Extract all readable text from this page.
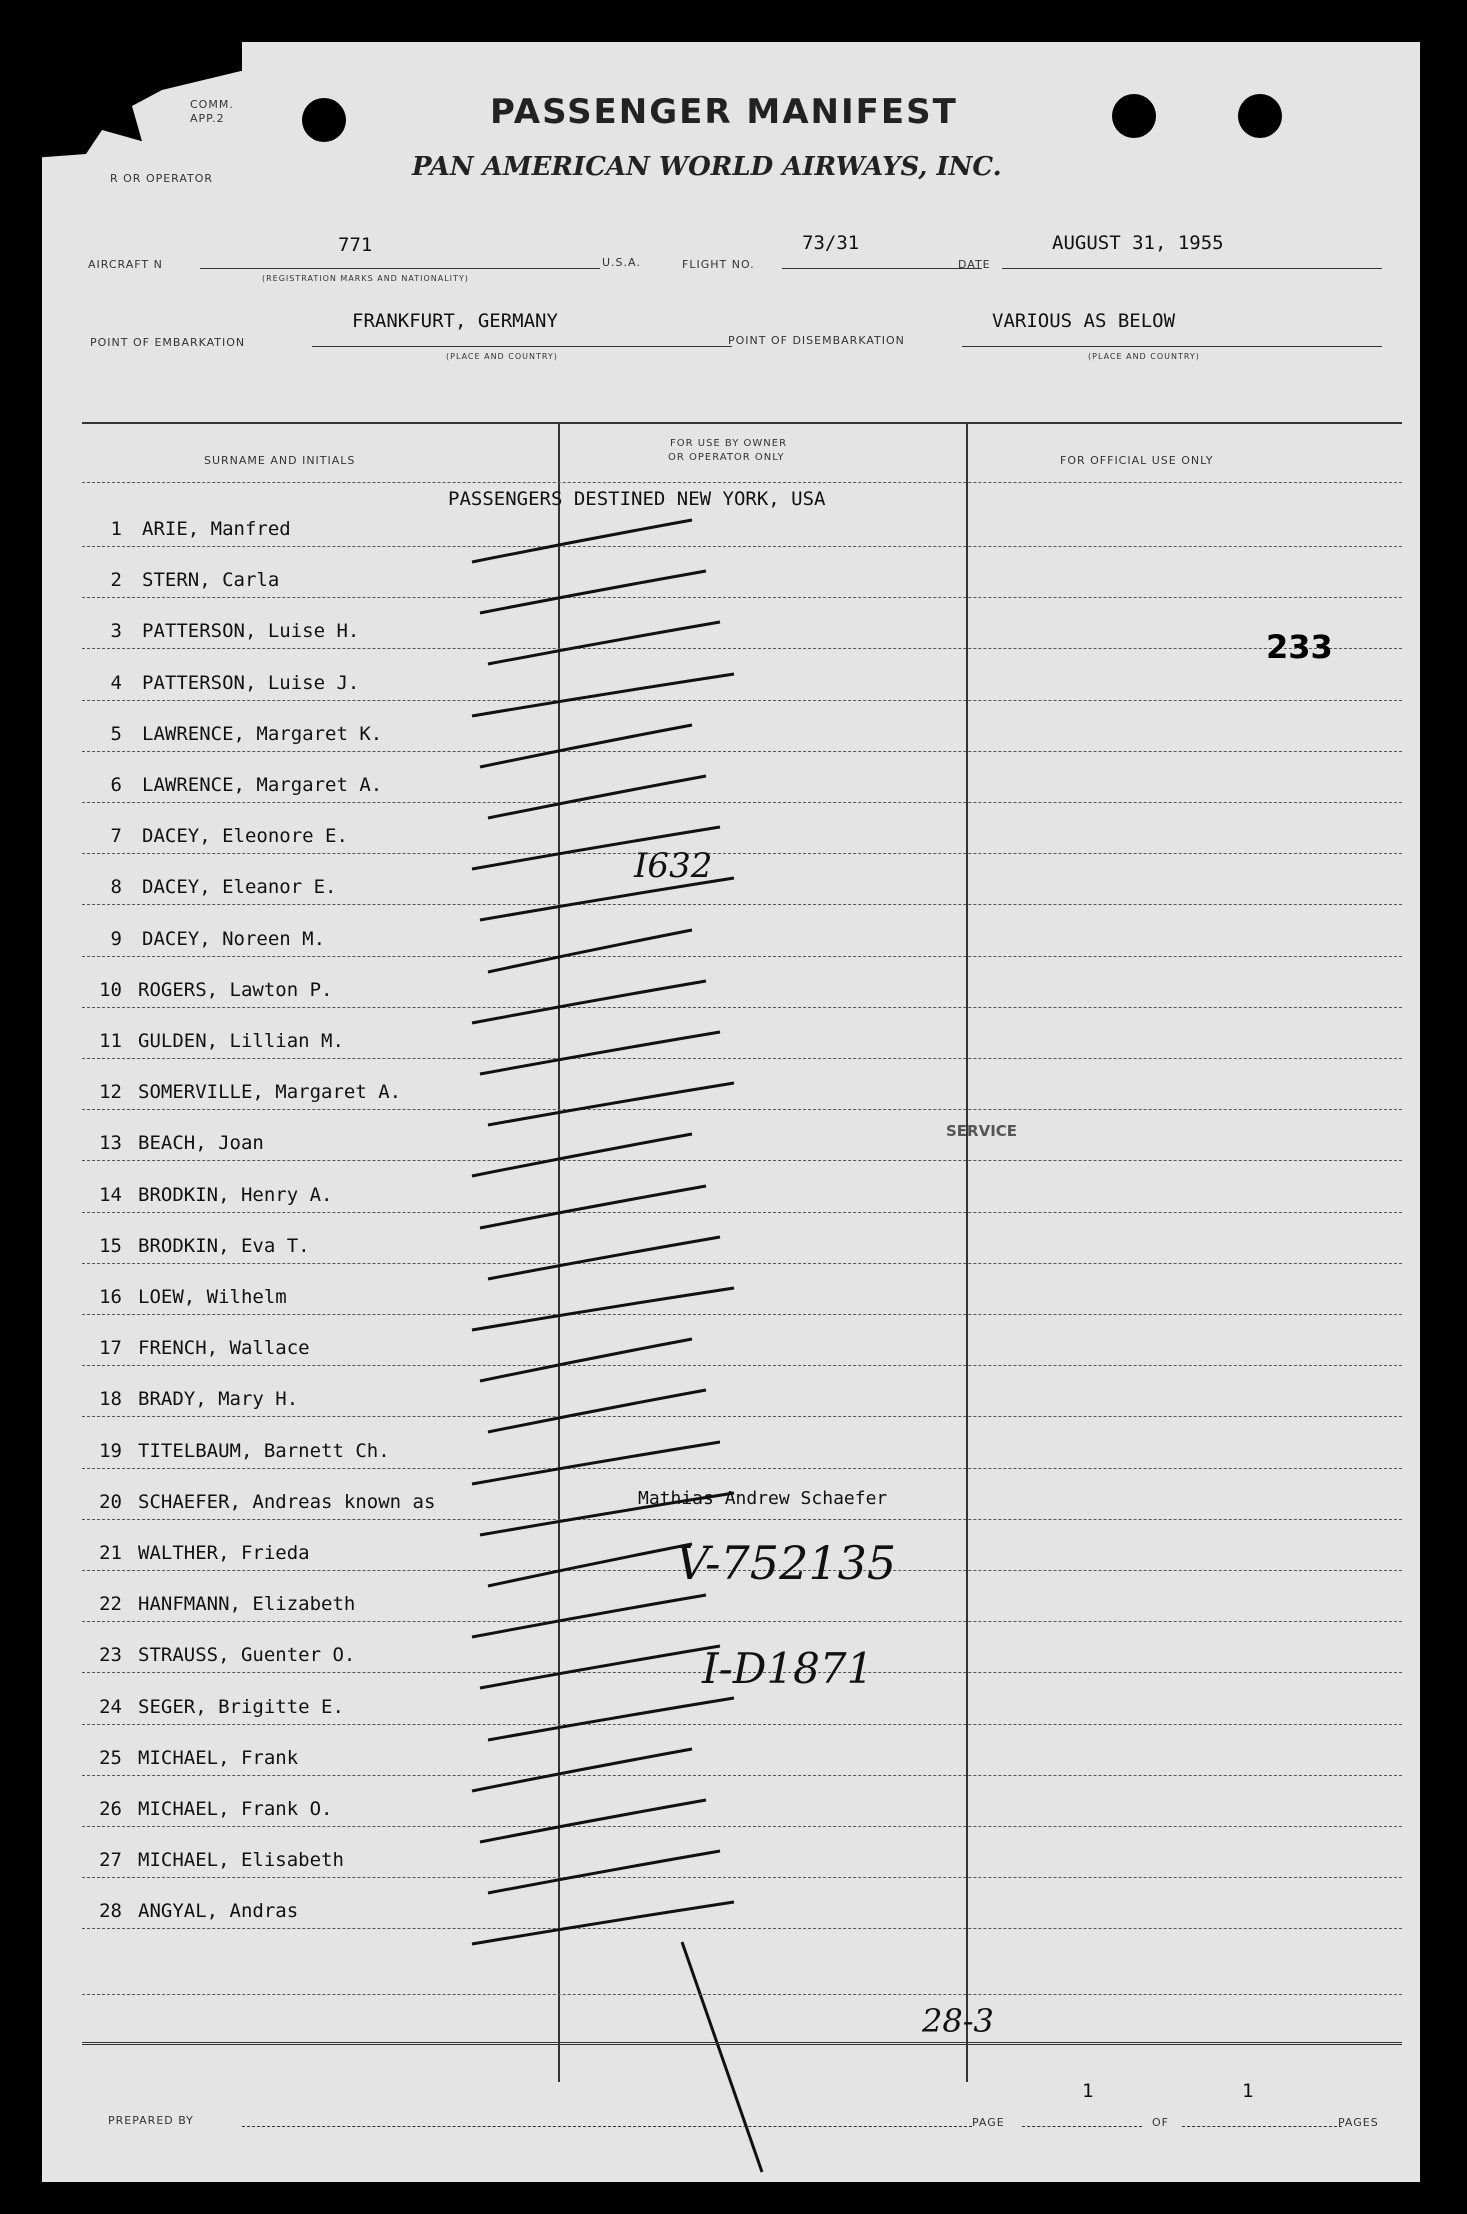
COMM.
APP.2
R OR OPERATOR
PASSENGER MANIFEST
PAN AMERICAN WORLD AIRWAYS, INC.
AIRCRAFT N
771
(REGISTRATION MARKS AND NATIONALITY)
U.S.A.	FLIGHT NO.
73/31
DATE
AUGUST 31, 1955
POINT OF EMBARKATION
FRANKFURT, GERMANY
(PLACE AND COUNTRY)
POINT OF DISEMBARKATION
VARIOUS AS BELOW
(PLACE AND COUNTRY)
SURNAME AND INITIALS
FOR USE BY OWNER
OR OPERATOR ONLY	FOR OFFICIAL USE ONLY
PASSENGERS DESTINED NEW YORK, USA
1 ARIE, Manfred
2 STERN, Carla
3 PATTERSON, Luise H.
4 PATTERSON, Luise J.
5 LAWRENCE, Margaret K.
6 LAWRENCE, Margaret A.
7 DACEY, Eleonore E.
8 DACEY, Eleanor E.
9 DACEY, Noreen M.
10 ROGERS, Lawton P.
11 GULDEN, Lillian M.
12 SOMERVILLE, Margaret A.
13 BEACH, Joan
14 BRODKIN, Henry A.
15 BRODKIN, Eva T.
16 LOEW, Wilhelm
17 FRENCH, Wallace
18 BRADY, Mary H.
19 TITELBAUM, Barnett Ch.
20 SCHAEFER, Andreas known as
21 WALTHER, Frieda
22 HANFMANN, Elizabeth
23 STRAUSS, Guenter O.
24 SEGER, Brigitte E.
25 MICHAEL, Frank
26 MICHAEL, Frank O.
27 MICHAEL, Elisabeth
28 ANGYAL, Andras
Mathias Andrew Schaefer
233
SERVICE
I632
V-752135
I-D1871
28-3
PREPARED BY	PAGE
1
OF
1
PAGES
